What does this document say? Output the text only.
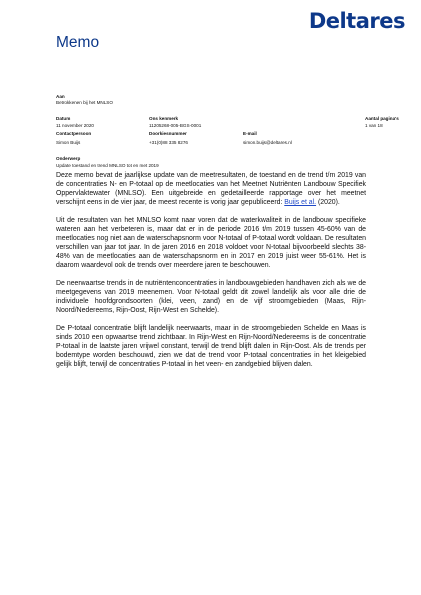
Deltares
Memo
Aan
Betrokkenen bij het MNLSO
Datum
11 november 2020
Ons kenmerk
11205268-005-BGS-0001
Aantal pagina's
1 van 18
Contactpersoon
Simon Buijs
Doorkiesnummer
+31(0)88 335 8276
E-mail
simon.buijs@deltares.nl
Onderwerp
Update toestand en trend MNLSO tot en met 2019

Deze memo bevat de jaarlijkse update van de meetresultaten, de toestand en de trend t/m 2019 van de concentraties N- en P-totaal op de meetlocaties van het Meetnet Nutriënten Landbouw Specifiek Oppervlaktewater (MNLSO). Een uitgebreide en gedetailleerde rapportage over het meetnet verschijnt eens in de vier jaar, de meest recente is vorig jaar gepubliceerd: Buijs et al. (2020).

Uit de resultaten van het MNLSO komt naar voren dat de waterkwaliteit in de landbouw specifieke wateren aan het verbeteren is, maar dat er in de periode 2016 t/m 2019 tussen 45-60% van de meetlocaties nog niet aan de waterschapsnorm voor N-totaal of P-totaal wordt voldaan. De resultaten verschillen van jaar tot jaar. In de jaren 2016 en 2018 voldoet voor N-totaal bijvoorbeeld slechts 38-48% van de meetlocaties aan de waterschapsnorm en in 2017 en 2019 juist weer 55-61%. Het is daarom waardevol ook de trends over meerdere jaren te beschouwen.

De neerwaartse trends in de nutriëntenconcentraties in landbouwgebieden handhaven zich als we de meetgegevens van 2019 meenemen. Voor N-totaal geldt dit zowel landelijk als voor alle drie de individuele hoofdgrondsoorten (klei, veen, zand) en de vijf stroomgebieden (Maas, Rijn-Noord/Nedereems, Rijn-Oost, Rijn-West en Schelde).

De P-totaal concentratie blijft landelijk neerwaarts, maar in de stroomgebieden Schelde en Maas is sinds 2010 een opwaartse trend zichtbaar. In Rijn-West en Rijn-Noord/Nedereems is de concentratie P-totaal in de laatste jaren vrijwel constant, terwijl de trend blijft dalen in Rijn-Oost. Als de trends per bodemtype worden beschouwd, zien we dat de trend voor P-totaal concentraties in het kleigebied gelijk blijft, terwijl de concentraties P-totaal in het veen- en zandgebied blijven dalen.
